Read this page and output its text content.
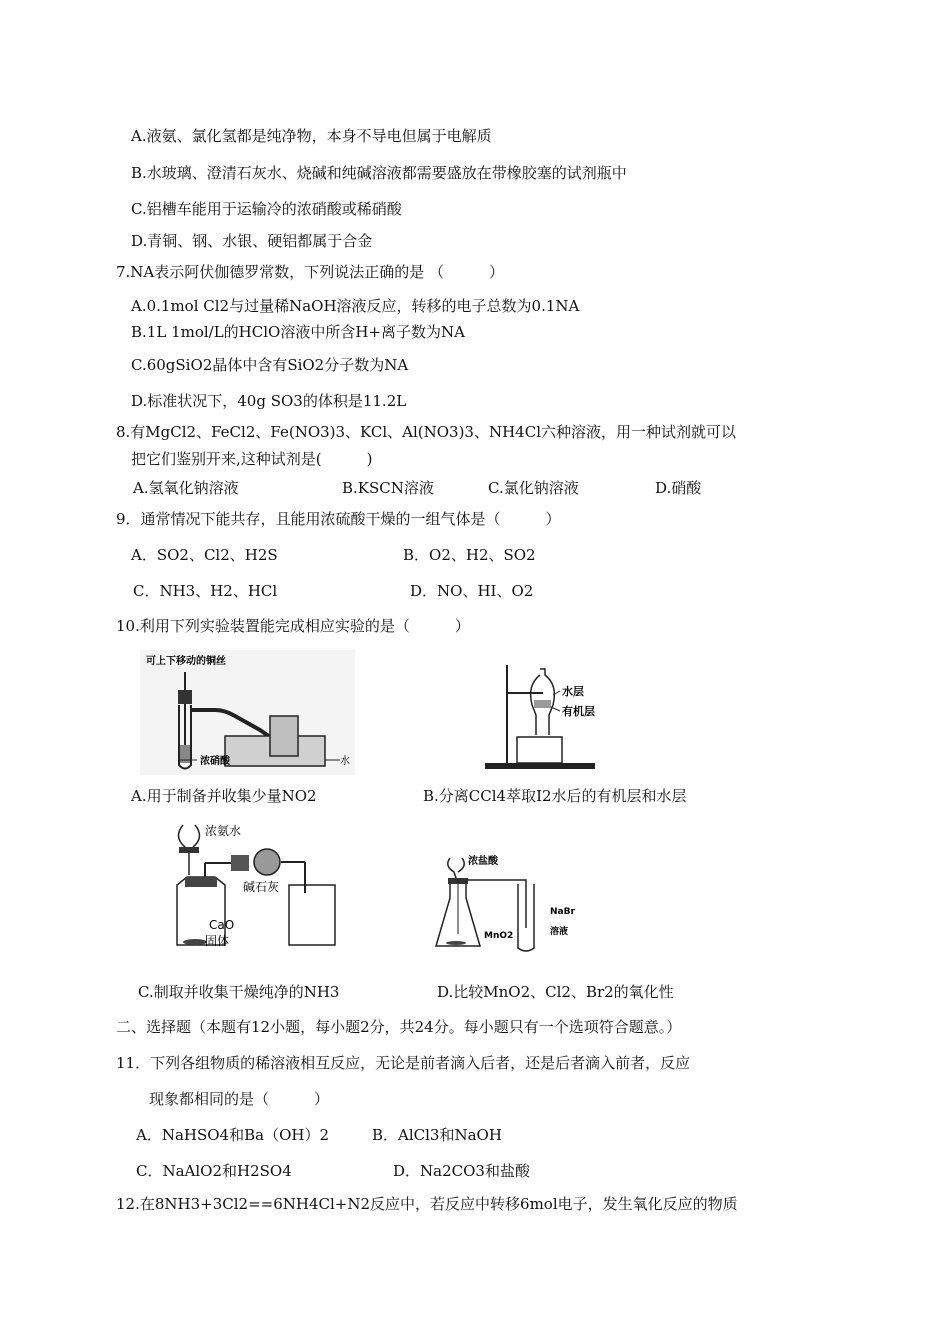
A.液氨、氯化氢都是纯净物，本身不导电但属于电解质
B.水玻璃、澄清石灰水、烧碱和纯碱溶液都需要盛放在带橡胶塞的试剂瓶中
C.铝槽车能用于运输冷的浓硝酸或稀硝酸
D.青铜、钢、水银、硬铝都属于合金
7.NA表示阿伏伽德罗常数，下列说法正确的是 （　　　）
A.0.1mol Cl2与过量稀NaOH溶液反应，转移的电子总数为0.1NA
B.1L 1mol/L的HClO溶液中所含H+离子数为NA
C.60gSiO2晶体中含有SiO2分子数为NA
D.标准状况下，40g SO3的体积是11.2L
8.有MgCl2、FeCl2、Fe(NO3)3、KCl、Al(NO3)3、NH4Cl六种溶液，用一种试剂就可以
把它们鉴别开来,这种试剂是(　　　)
A.氢氧化钠溶液	B.KSCN溶液	C.氯化钠溶液	D.硝酸
9．通常情况下能共存，且能用浓硫酸干燥的一组气体是（　　　）
A．SO2、Cl2、H2S	B．O2、H2、SO2
C．NH3、H2、HCl	D．NO、HI、O2
10.利用下列实验装置能完成相应实验的是（　　　）
可上下移动的铜丝
浓硝酸	水
水层
有机层
A.用于制备并收集少量NO2	B.分离CCl4萃取I2水后的有机层和水层
浓氨水
碱石灰
CaO
固体
浓盐酸
MnO2
NaBr
溶液
C.制取并收集干燥纯净的NH3	D.比较MnO2、Cl2、Br2的氧化性
二、选择题（本题有12小题，每小题2分，共24分。每小题只有一个选项符合题意。）
11．下列各组物质的稀溶液相互反应，无论是前者滴入后者，还是后者滴入前者，反应
现象都相同的是（　　　）
A．NaHSO4和Ba（OH）2	B．AlCl3和NaOH
C．NaAlO2和H2SO4	D．Na2CO3和盐酸
12.在8NH3+3Cl2==6NH4Cl+N2反应中，若反应中转移6mol电子，发生氧化反应的物质
